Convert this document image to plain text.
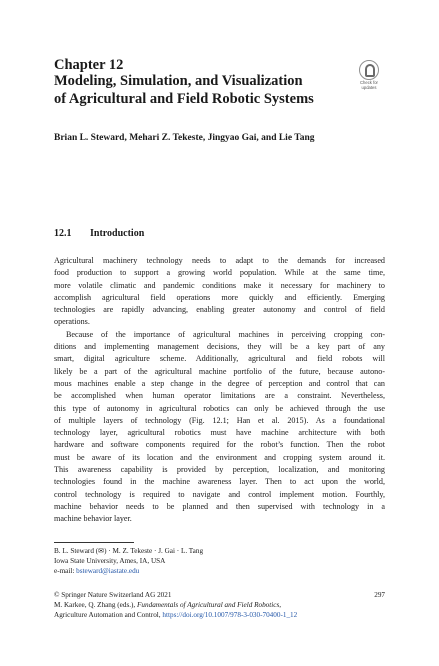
Chapter 12
Modeling, Simulation, and Visualization
of Agricultural and Field Robotic Systems
Check for
updates
Brian L. Steward, Mehari Z. Tekeste, Jingyao Gai, and Lie Tang
12.1 Introduction
Agricultural machinery technology needs to adapt to the demands for increased
food production to support a growing world population. While at the same time,
more volatile climatic and pandemic conditions make it necessary for machinery to
accomplish agricultural field operations more quickly and efficiently. Emerging
technologies are rapidly advancing, enabling greater autonomy and control of field
operations.
Because of the importance of agricultural machines in perceiving cropping con-
ditions and implementing management decisions, they will be a key part of any
smart, digital agriculture scheme. Additionally, agricultural and field robots will
likely be a part of the agricultural machine portfolio of the future, because autono-
mous machines enable a step change in the degree of perception and control that can
be accomplished when human operator limitations are a constraint. Nevertheless,
this type of autonomy in agricultural robotics can only be achieved through the use
of multiple layers of technology (Fig. 12.1; Han et al. 2015). As a foundational
technology layer, agricultural robotics must have machine architecture with both
hardware and software components required for the robot’s function. Then the robot
must be aware of its location and the environment and cropping system around it.
This awareness capability is provided by perception, localization, and monitoring
technologies found in the machine awareness layer. Then to act upon the world,
control technology is required to navigate and control implement motion. Fourthly,
machine behavior needs to be planned and then supervised with technology in a
machine behavior layer.
B. L. Steward (✉) · M. Z. Tekeste · J. Gai · L. Tang
Iowa State University, Ames, IA, USA
e-mail: bsteward@iastate.edu
© Springer Nature Switzerland AG 2021	297
M. Karkee, Q. Zhang (eds.), Fundamentals of Agricultural and Field Robotics,
Agriculture Automation and Control, https://doi.org/10.1007/978-3-030-70400-1_12
